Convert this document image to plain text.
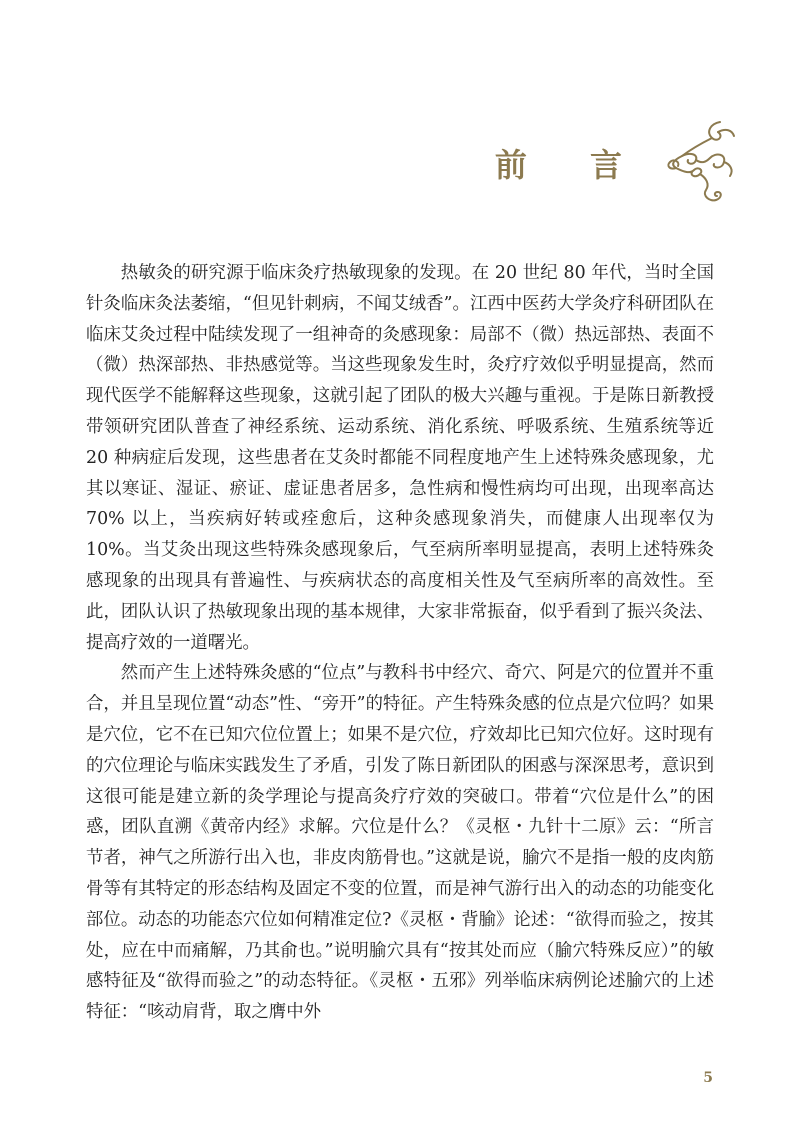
前 言

热敏灸的研究源于临床灸疗热敏现象的发现。在 20 世纪 80 年代，当时全国针灸临床灸法萎缩，“但见针刺病，不闻艾绒香”。江西中医药大学灸疗科研团队在临床艾灸过程中陆续发现了一组神奇的灸感现象：局部不（微）热远部热、表面不（微）热深部热、非热感觉等。当这些现象发生时，灸疗疗效似乎明显提高，然而现代医学不能解释这些现象，这就引起了团队的极大兴趣与重视。于是陈日新教授带领研究团队普查了神经系统、运动系统、消化系统、呼吸系统、生殖系统等近 20 种病症后发现，这些患者在艾灸时都能不同程度地产生上述特殊灸感现象，尤其以寒证、湿证、瘀证、虚证患者居多，急性病和慢性病均可出现，出现率高达 70% 以上，当疾病好转或痊愈后，这种灸感现象消失，而健康人出现率仅为 10%。当艾灸出现这些特殊灸感现象后，气至病所率明显提高，表明上述特殊灸感现象的出现具有普遍性、与疾病状态的高度相关性及气至病所率的高效性。至此，团队认识了热敏现象出现的基本规律，大家非常振奋，似乎看到了振兴灸法、提高疗效的一道曙光。

然而产生上述特殊灸感的“位点”与教科书中经穴、奇穴、阿是穴的位置并不重合，并且呈现位置“动态”性、“旁开”的特征。产生特殊灸感的位点是穴位吗？如果是穴位，它不在已知穴位位置上；如果不是穴位，疗效却比已知穴位好。这时现有的穴位理论与临床实践发生了矛盾，引发了陈日新团队的困惑与深深思考，意识到这很可能是建立新的灸学理论与提高灸疗疗效的突破口。带着“穴位是什么”的困惑，团队直溯《黄帝内经》求解。穴位是什么？《灵枢・九针十二原》云：“所言节者，神气之所游行出入也，非皮肉筋骨也。”这就是说，腧穴不是指一般的皮肉筋骨等有其特定的形态结构及固定不变的位置，而是神气游行出入的动态的功能变化部位。动态的功能态穴位如何精准定位?《灵枢・背腧》论述：“欲得而验之，按其处，应在中而痛解，乃其俞也。”说明腧穴具有“按其处而应（腧穴特殊反应）”的敏感特征及“欲得而验之”的动态特征。《灵枢・五邪》列举临床病例论述腧穴的上述特征：“咳动肩背，取之膺中外

5
